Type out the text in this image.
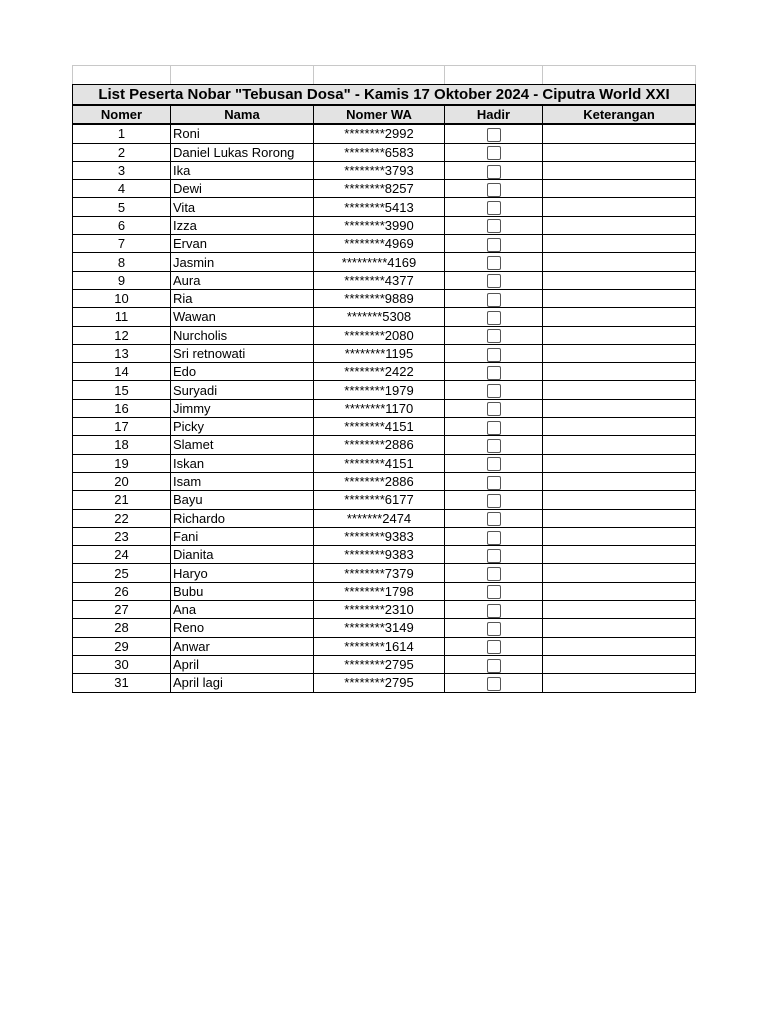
List Peserta Nobar "Tebusan Dosa" - Kamis 17 Oktober 2024 - Ciputra World XXI				
Nomer	Nama	Nomer WA	Hadir	Keterangan
1	Roni	********2992		
2	Daniel Lukas Rorong	********6583		
3	Ika	********3793		
4	Dewi	********8257		
5	Vita	********5413		
6	Izza	********3990		
7	Ervan	********4969		
8	Jasmin	*********4169		
9	Aura	********4377		
10	Ria	********9889		
11	Wawan	*******5308		
12	Nurcholis	********2080		
13	Sri retnowati	********1195		
14	Edo	********2422		
15	Suryadi	********1979		
16	Jimmy	********1170		
17	Picky	********4151		
18	Slamet	********2886		
19	Iskan	********4151		
20	Isam	********2886		
21	Bayu	********6177		
22	Richardo	*******2474		
23	Fani	********9383		
24	Dianita	********9383		
25	Haryo	********7379		
26	Bubu	********1798		
27	Ana	********2310		
28	Reno	********3149		
29	Anwar	********1614		
30	April	********2795		
31	April lagi	********2795		
